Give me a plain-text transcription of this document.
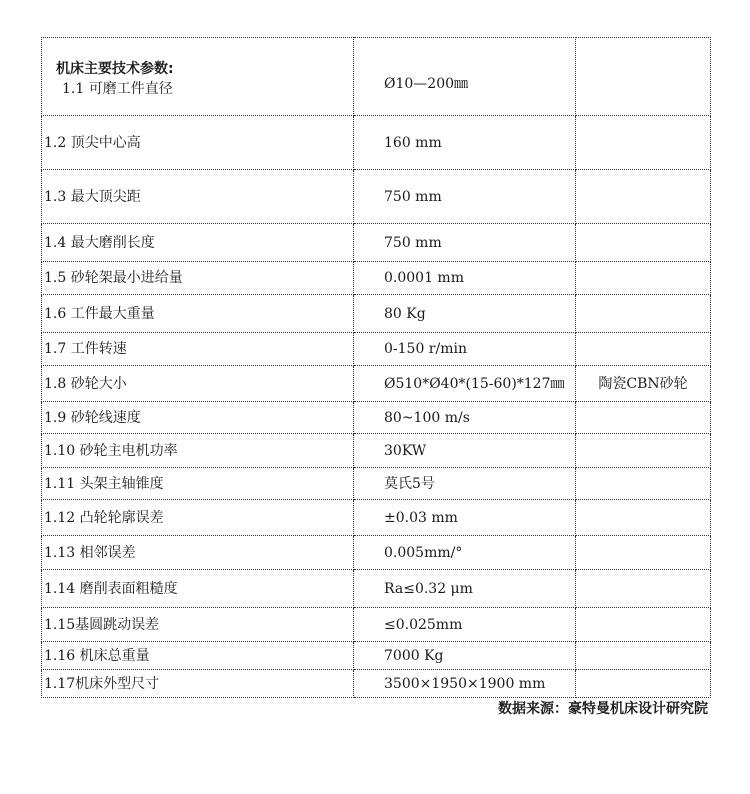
机床主要技术参数:
1.1 可磨工件直径	Ø10—200㎜	

1.2 顶尖中心高	160 mm	
1.3 最大顶尖距	750 mm	
1.4 最大磨削长度	750 mm	
1.5 砂轮架最小进给量	0.0001 mm	
1.6 工件最大重量	80 Kg	
1.7 工件转速	0-150 r/min	
1.8 砂轮大小	Ø510*Ø40*(15-60)*127㎜	陶瓷CBN砂轮
1.9 砂轮线速度	80~100 m/s	
1.10 砂轮主电机功率	30KW	
1.11 头架主轴锥度	莫氏5号	
1.12 凸轮轮廓误差	±0.03 mm	
1.13 相邻误差	0.005mm/°	
1.14 磨削表面粗糙度	Ra≤0.32 μm	
1.15基圆跳动误差	≤0.025mm	
1.16 机床总重量	7000 Kg	
1.17机床外型尺寸	3500×1950×1900 mm	
数据来源：豪特曼机床设计研究院
